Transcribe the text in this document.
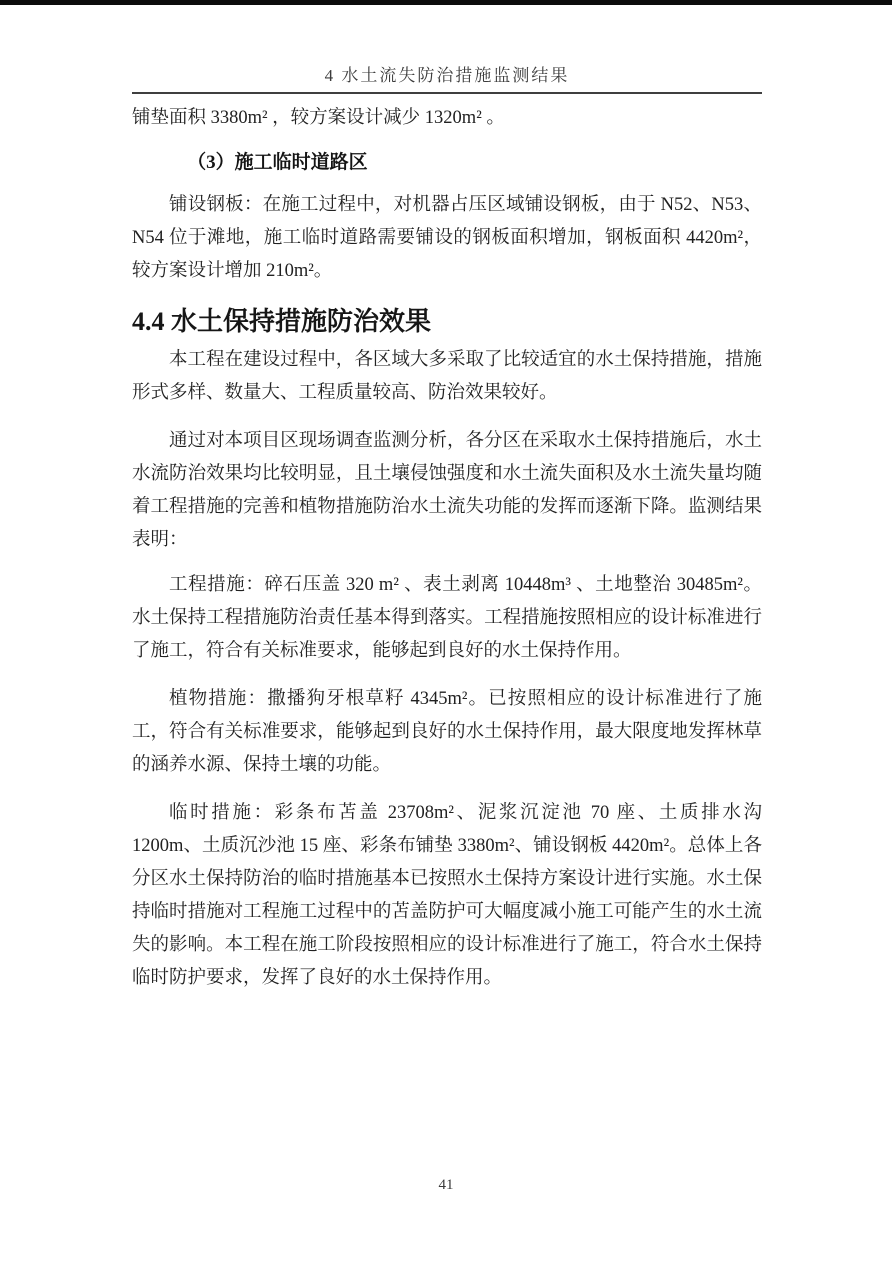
4 水土流失防治措施监测结果

铺垫面积 3380m² ，较方案设计减少 1320m² 。

（3）施工临时道路区

铺设钢板：在施工过程中，对机器占压区域铺设钢板，由于 N52、N53、N54 位于滩地，施工临时道路需要铺设的钢板面积增加，钢板面积 4420m²，较方案设计增加 210m²。

4.4 水土保持措施防治效果

本工程在建设过程中，各区域大多采取了比较适宜的水土保持措施，措施形式多样、数量大、工程质量较高、防治效果较好。

通过对本项目区现场调查监测分析，各分区在采取水土保持措施后，水土水流防治效果均比较明显，且土壤侵蚀强度和水土流失面积及水土流失量均随着工程措施的完善和植物措施防治水土流失功能的发挥而逐渐下降。监测结果表明：

工程措施：碎石压盖 320 m² 、表土剥离 10448m³ 、土地整治 30485m²。水土保持工程措施防治责任基本得到落实。工程措施按照相应的设计标准进行了施工，符合有关标准要求，能够起到良好的水土保持作用。

植物措施：撒播狗牙根草籽 4345m²。已按照相应的设计标准进行了施工，符合有关标准要求，能够起到良好的水土保持作用，最大限度地发挥林草的涵养水源、保持土壤的功能。

临时措施：彩条布苫盖 23708m²、泥浆沉淀池 70 座、土质排水沟 1200m、土质沉沙池 15 座、彩条布铺垫 3380m²、铺设钢板 4420m²。总体上各分区水土保持防治的临时措施基本已按照水土保持方案设计进行实施。水土保持临时措施对工程施工过程中的苫盖防护可大幅度减小施工可能产生的水土流失的影响。本工程在施工阶段按照相应的设计标准进行了施工，符合水土保持临时防护要求，发挥了良好的水土保持作用。

41
